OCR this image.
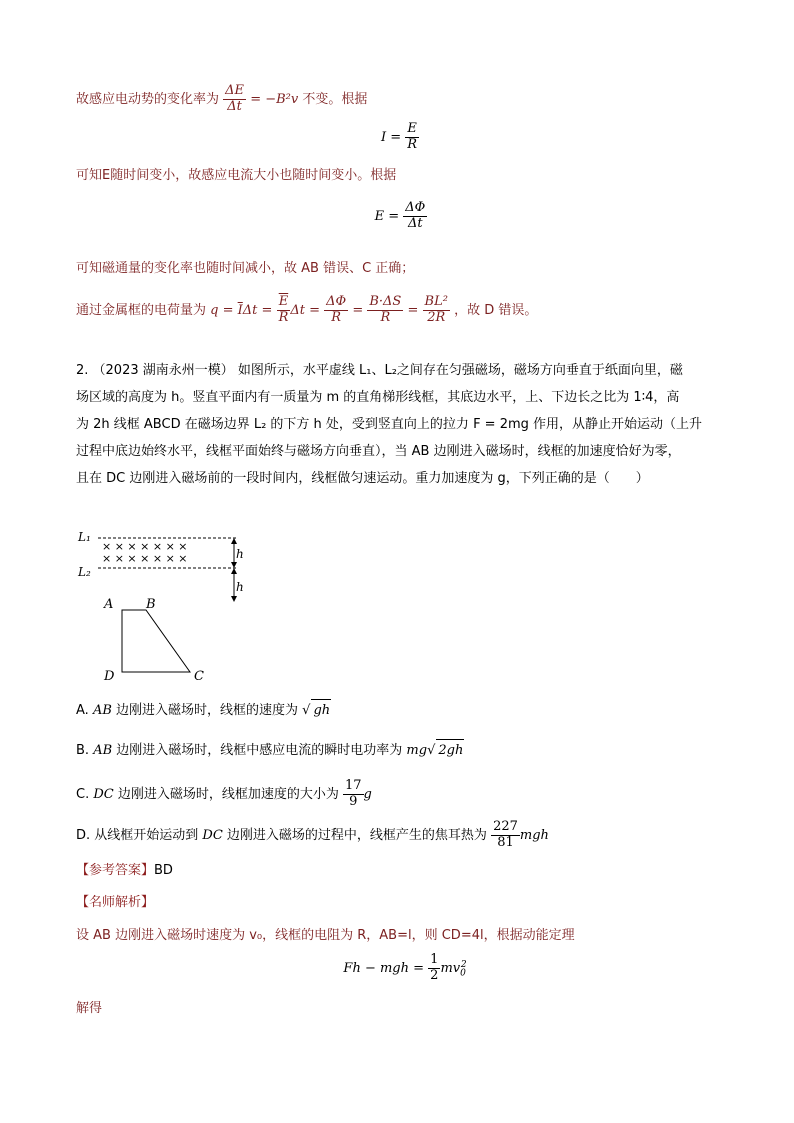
故感应电动势的变化率为 $\frac{\Delta E}{\Delta t} = -B^2v$ 不变。根据
$I = \frac{E}{R}$
可知E随时间变小，故感应电流大小也随时间变小。根据
$E = \frac{\Delta\Phi}{\Delta t}$
可知磁通量的变化率也随时间减小，故 AB 错误、C 正确；
通过金属框的电荷量为 $q = \overline{I}\Delta t = \frac{\overline{E}}{R}$ $\Delta t = \frac{\Delta\Phi}{R} = \frac{B\cdot\Delta S}{R} = \frac{\text{BL²}}{2R}$ ，故 D 错误。
2. （2023 湖南永州一模） 如图所示，水平虚线 L₁、L₂之间存在匀强磁场，磁场方向垂直于纸面向里，磁
场区域的高度为 h。竖直平面内有一质量为 m 的直角梯形线框，其底边水平，上、下边长之比为 1∶4，高
为 2h 线框 ABCD 在磁场边界 L₂ 的下方 h 处，受到竖直向上的拉力 F = 2mg 作用，从静止开始运动（上升
过程中底边始终水平，线框平面始终与磁场方向垂直），当 AB 边刚进入磁场时，线框的加速度恰好为零，
且在 DC 边刚进入磁场前的一段时间内，线框做匀速运动。重力加速度为 g，下列正确的是（　　）
L₁
L₂
× × × × × × ×
× × × × × × ×	h
h
A	B
C
D
A. AB 边刚进入磁场时，线框的速度为 √ gh
B. AB 边刚进入磁场时，线框中感应电流的瞬时电功率为 mg√ 2gh
C. DC 边刚进入磁场时，线框加速度的大小为 $\frac{17}{9}$ g
D. 从线框开始运动到 DC 边刚进入磁场的过程中，线框产生的焦耳热为 $\frac{227}{81}$ mgh
【参考答案】BD
【名师解析】
设 AB 边刚进入磁场时速度为 v₀，线框的电阻为 R，AB=l，则 CD=4l，根据动能定理
Fh − mgh = $\frac{1}{2} mv_0^2$
解得
